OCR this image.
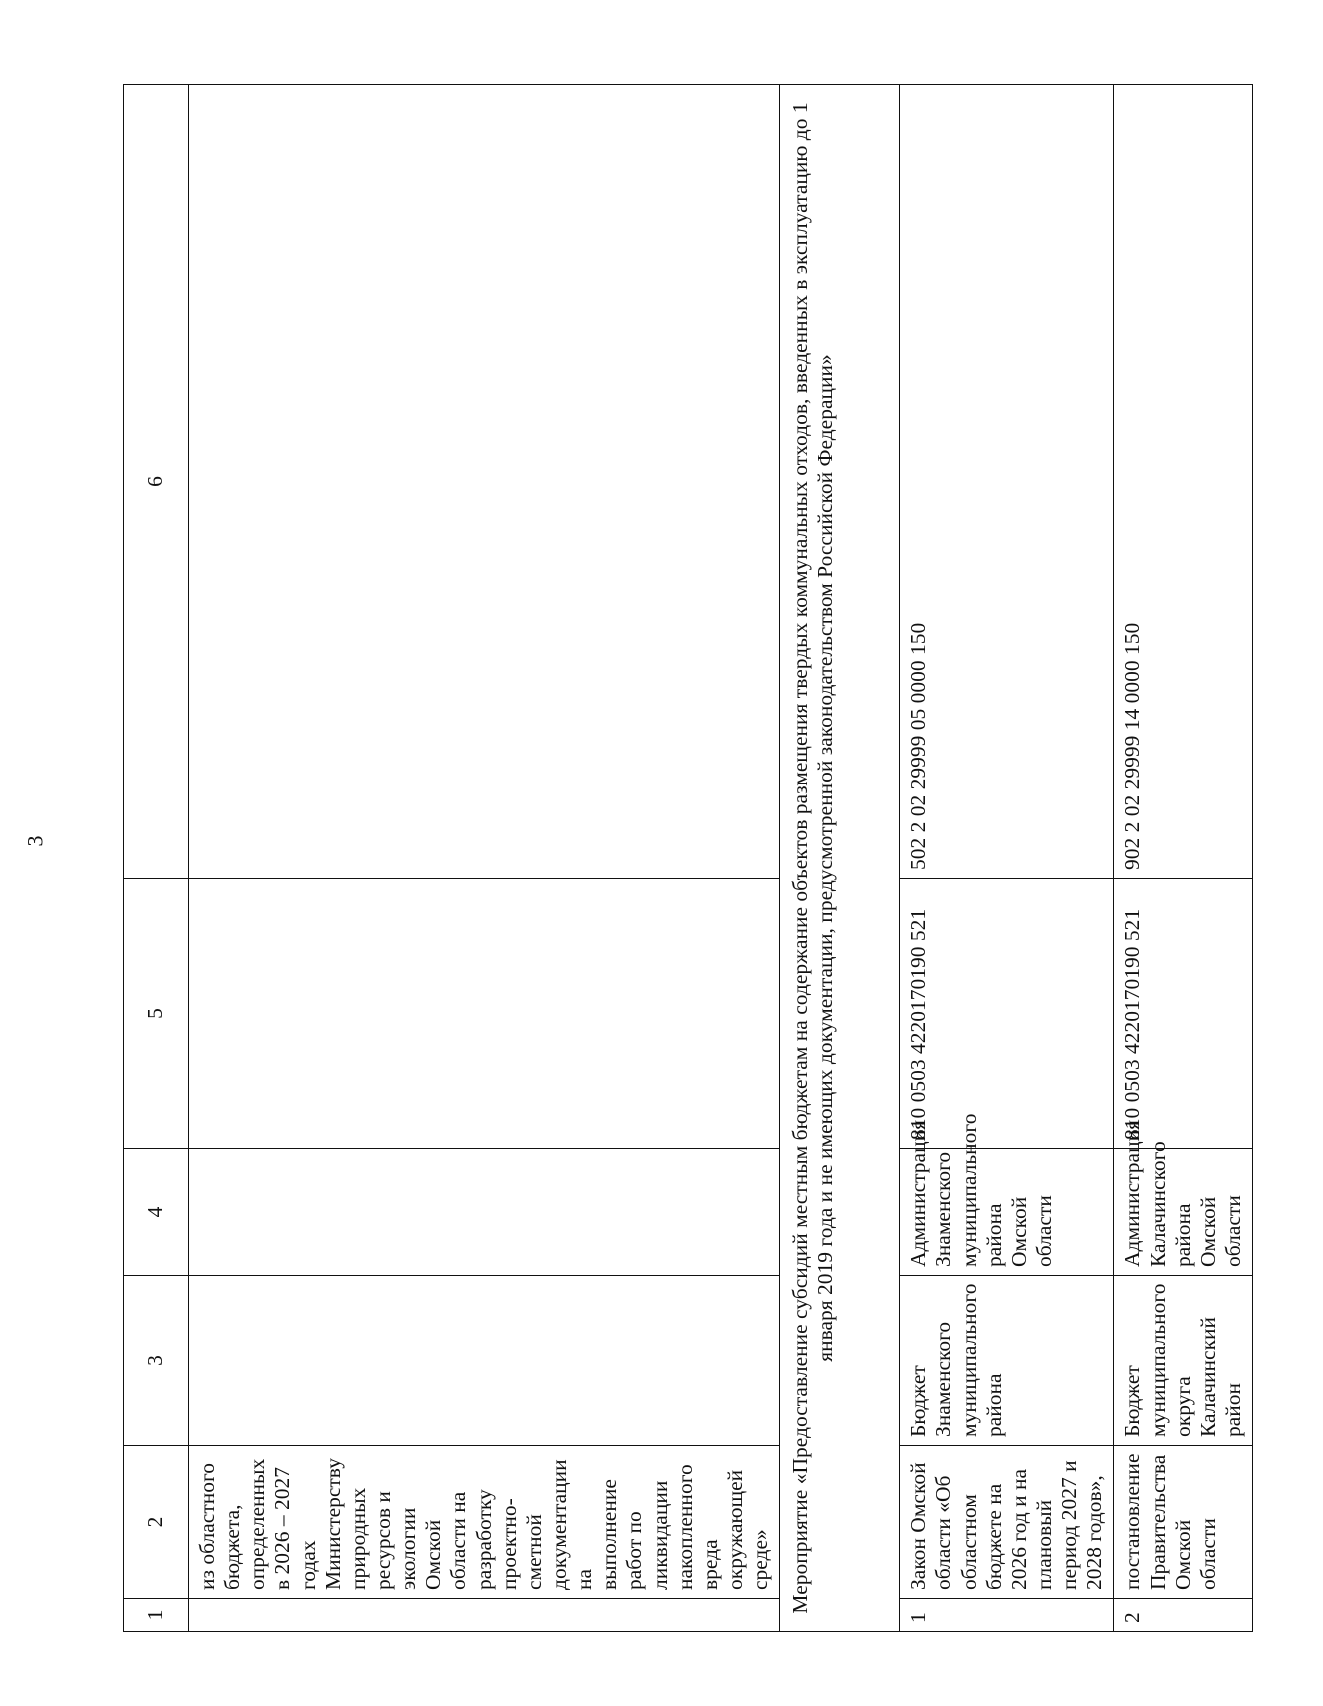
3
1	2	3	4	5	6
	из областного бюджета, определенных в 2026 – 2027 годах Министерству природных ресурсов и экологии Омской области на разработку проектно-сметной документации на выполнение работ по ликвидации накопленного вреда окружающей среде»				
Мероприятие «Предоставление субсидий местным бюджетам на содержание объектов размещения твердых коммунальных отходов, введенных в эксплуатацию до 1 января 2019 года и не имеющих документации, предусмотренной законодательством Российской Федерации»					
1	Закон Омской области «Об областном бюджете на 2026 год и на плановый период 2027 и 2028 годов»,	Бюджет Знаменского муниципального района	Администрация Знаменского муниципального района Омской области	810 0503 4220170190 521	502 2 02 29999 05 0000 150
2	постановление Правительства Омской области	Бюджет муниципального округа Калачинский район	Администрация Калачинского района Омской области	810 0503 4220170190 521	902 2 02 29999 14 0000 150
